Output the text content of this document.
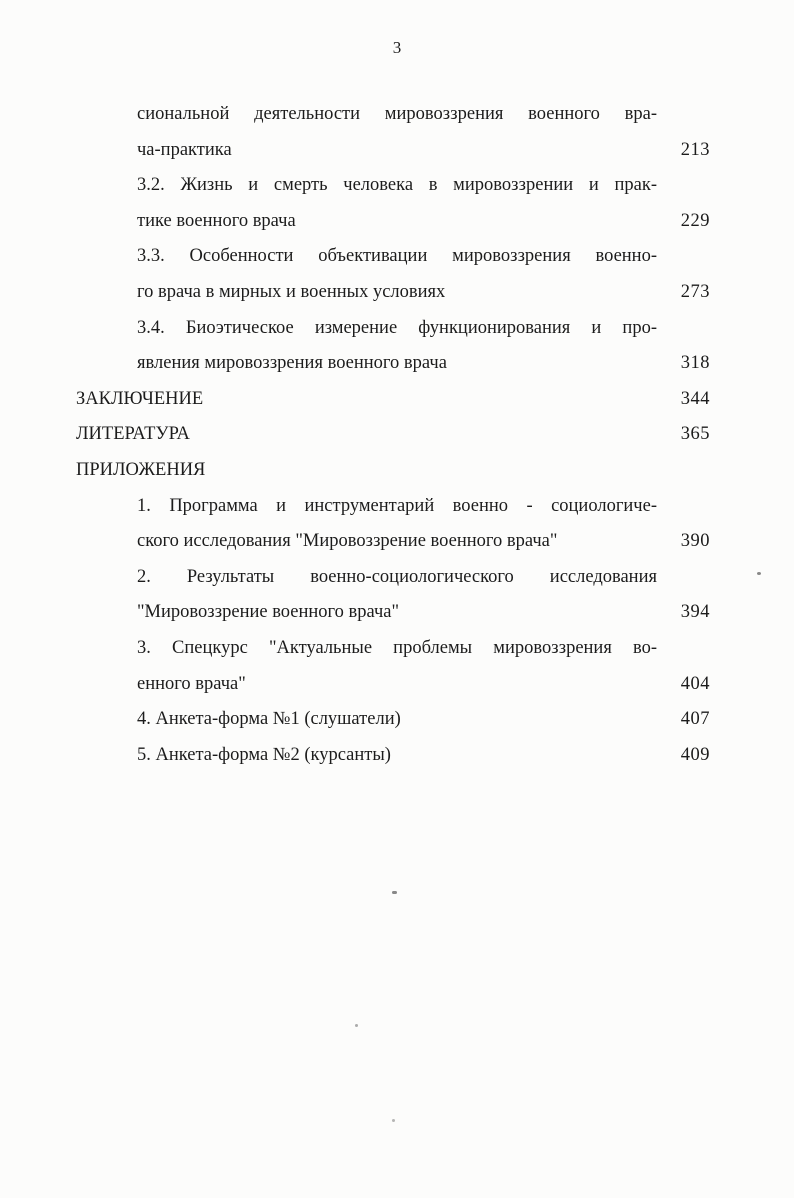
3
сиональной деятельности мировоззрения военного вра-
ча-практика	213
3.2. Жизнь и смерть человека в мировоззрении и прак-
тике военного врача	229
3.3. Особенности объективации мировоззрения военно-
го врача в мирных и военных условиях	273
3.4. Биоэтическое измерение функционирования и про-
явления мировоззрения военного врача	318
ЗАКЛЮЧЕНИЕ	344
ЛИТЕРАТУРА	365
ПРИЛОЖЕНИЯ
1. Программа и инструментарий военно - социологиче-
ского исследования "Мировоззрение военного врача"	390
2. Результаты военно-социологического исследования
"Мировоззрение военного врача"	394
3. Спецкурс "Актуальные проблемы мировоззрения во-
енного врача"	404
4. Анкета-форма №1 (слушатели)	407
5. Анкета-форма №2 (курсанты)	409
